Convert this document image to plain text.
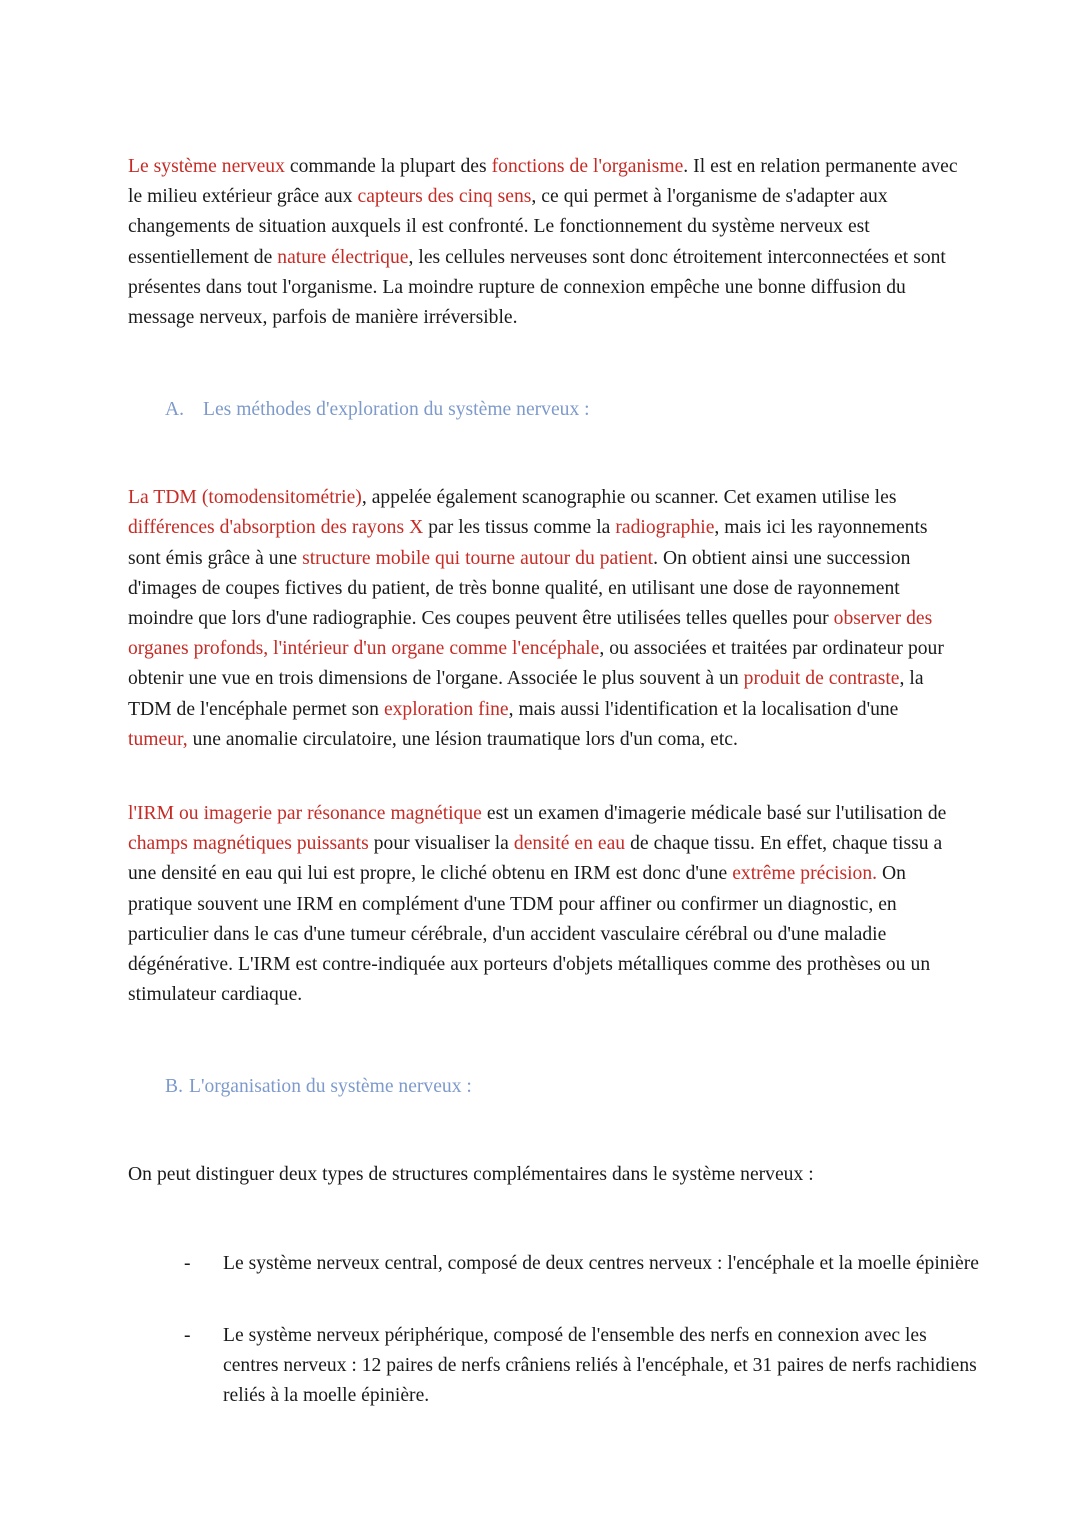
Le système nerveux commande la plupart des fonctions de l'organisme. Il est en relation permanente avec le milieu extérieur grâce aux capteurs des cinq sens, ce qui permet à l'organisme de s'adapter aux changements de situation auxquels il est confronté. Le fonctionnement du système nerveux est essentiellement de nature électrique, les cellules nerveuses sont donc étroitement interconnectées et sont présentes dans tout l'organisme. La moindre rupture de connexion empêche une bonne diffusion du message nerveux, parfois de manière irréversible.

A. Les méthodes d'exploration du système nerveux :

La TDM (tomodensitométrie), appelée également scanographie ou scanner. Cet examen utilise les différences d'absorption des rayons X par les tissus comme la radiographie, mais ici les rayonnements sont émis grâce à une structure mobile qui tourne autour du patient. On obtient ainsi une succession d'images de coupes fictives du patient, de très bonne qualité, en utilisant une dose de rayonnement moindre que lors d'une radiographie. Ces coupes peuvent être utilisées telles quelles pour observer des organes profonds, l'intérieur d'un organe comme l'encéphale, ou associées et traitées par ordinateur pour obtenir une vue en trois dimensions de l'organe. Associée le plus souvent à un produit de contraste, la TDM de l'encéphale permet son exploration fine, mais aussi l'identification et la localisation d'une tumeur, une anomalie circulatoire, une lésion traumatique lors d'un coma, etc.

l'IRM ou imagerie par résonance magnétique est un examen d'imagerie médicale basé sur l'utilisation de champs magnétiques puissants pour visualiser la densité en eau de chaque tissu. En effet, chaque tissu a une densité en eau qui lui est propre, le cliché obtenu en IRM est donc d'une extrême précision. On pratique souvent une IRM en complément d'une TDM pour affiner ou confirmer un diagnostic, en particulier dans le cas d'une tumeur cérébrale, d'un accident vasculaire cérébral ou d'une maladie dégénérative. L'IRM est contre-indiquée aux porteurs d'objets métalliques comme des prothèses ou un stimulateur cardiaque.

B. L'organisation du système nerveux :

On peut distinguer deux types de structures complémentaires dans le système nerveux :

- Le système nerveux central, composé de deux centres nerveux : l'encéphale et la moelle épinière
- Le système nerveux périphérique, composé de l'ensemble des nerfs en connexion avec les centres nerveux : 12 paires de nerfs crâniens reliés à l'encéphale, et 31 paires de nerfs rachidiens reliés à la moelle épinière.
